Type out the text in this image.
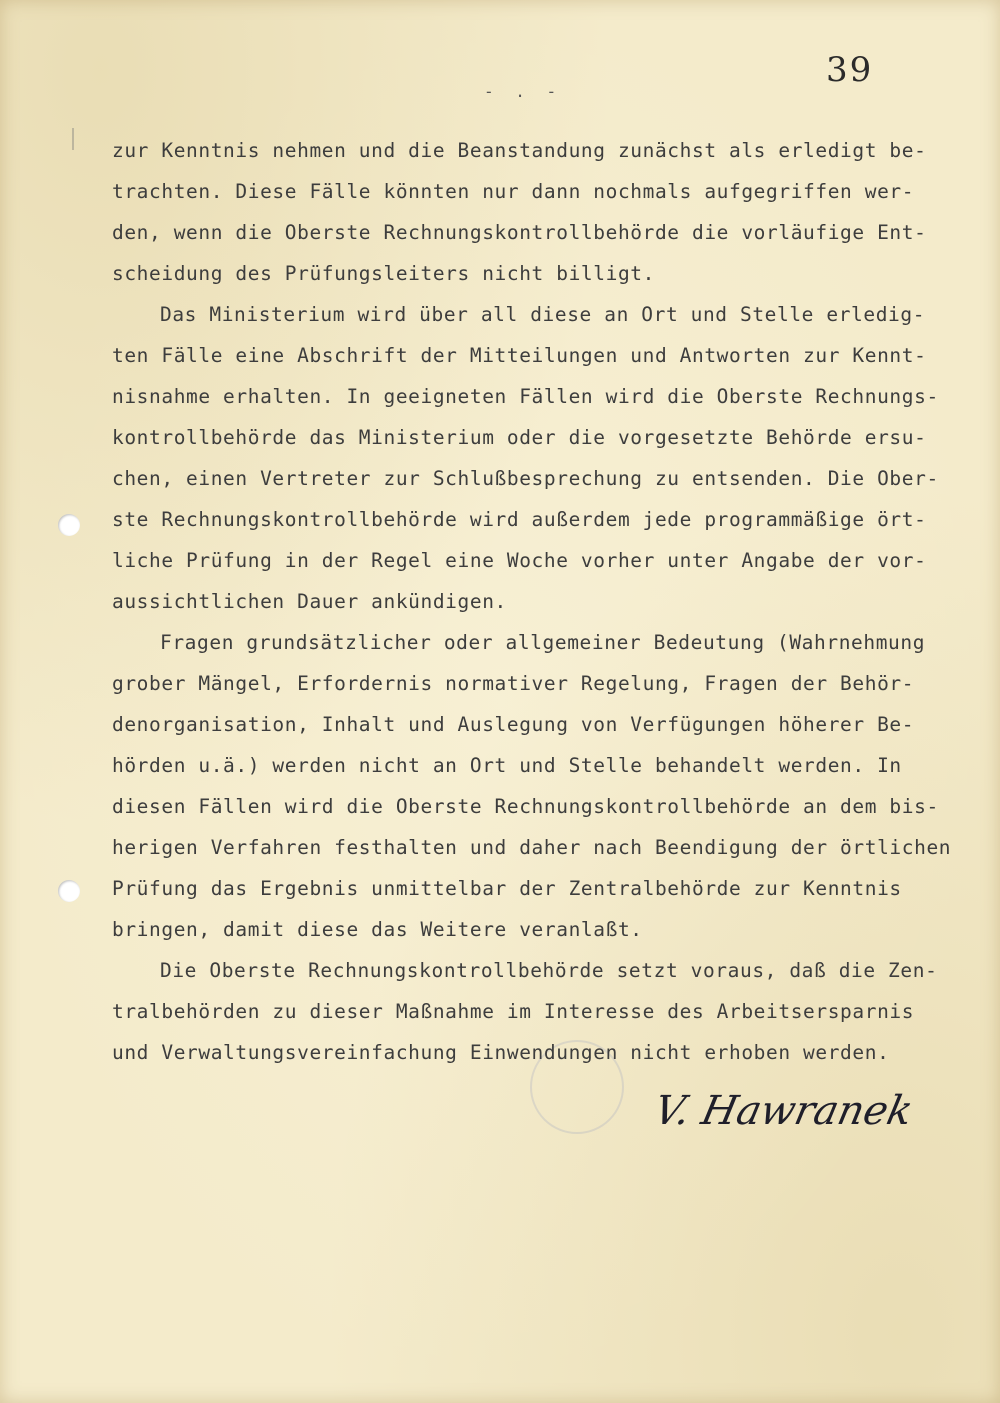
39
- . -
zur Kenntnis nehmen und die Beanstandung zunächst als erledigt be-
trachten. Diese Fälle könnten nur dann nochmals aufgegriffen wer-
den, wenn die Oberste Rechnungskontrollbehörde die vorläufige Ent-
scheidung des Prüfungsleiters nicht billigt.
Das Ministerium wird über all diese an Ort und Stelle erledig-
ten Fälle eine Abschrift der Mitteilungen und Antworten zur Kennt-
nisnahme erhalten. In geeigneten Fällen wird die Oberste Rechnungs-
kontrollbehörde das Ministerium oder die vorgesetzte Behörde ersu-
chen, einen Vertreter zur Schlußbesprechung zu entsenden. Die Ober-
ste Rechnungskontrollbehörde wird außerdem jede programmäßige ört-
liche Prüfung in der Regel eine Woche vorher unter Angabe der vor-
aussichtlichen Dauer ankündigen.
Fragen grundsätzlicher oder allgemeiner Bedeutung (Wahrnehmung
grober Mängel, Erfordernis normativer Regelung, Fragen der Behör-
denorganisation, Inhalt und Auslegung von Verfügungen höherer Be-
hörden u.ä.) werden nicht an Ort und Stelle behandelt werden. In
diesen Fällen wird die Oberste Rechnungskontrollbehörde an dem bis-
herigen Verfahren festhalten und daher nach Beendigung der örtlichen
Prüfung das Ergebnis unmittelbar der Zentralbehörde zur Kenntnis
bringen, damit diese das Weitere veranlaßt.
Die Oberste Rechnungskontrollbehörde setzt voraus, daß die Zen-
tralbehörden zu dieser Maßnahme im Interesse des Arbeitsersparnis
und Verwaltungsvereinfachung Einwendungen nicht erhoben werden.
V. Hawranek
